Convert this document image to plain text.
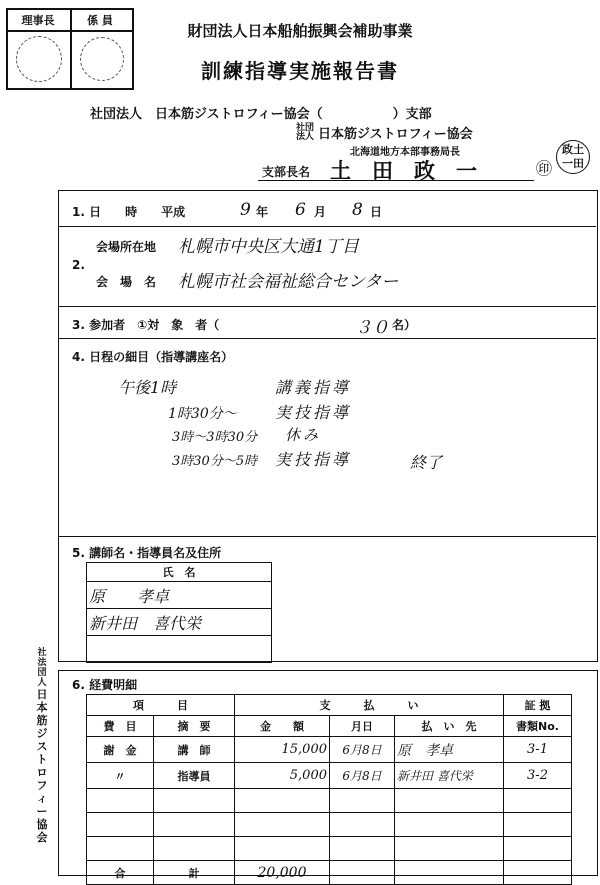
理事長	係 員
財団法人日本船舶振興会補助事業
訓練指導実施報告書
社団法人　日本筋ジストロフィー協会（	）支部
社団
法人 日本筋ジストロフィー協会
北海道地方本部事務局長
支部長名 土　田　政　一	㊞
政土一田
1. 日　　時　　平成	9 年 6 月 8 日
2.
会場所在地 札幌市中央区大通1丁目
会　場　名 札幌市社会福祉総合センター
3. 参加者　①対　象　者（	３０ 名）
4. 日程の細目（指導講座名）
午後1時	講義指導
1時30分〜 実技指導
3時〜3時30分 休み
3時30分〜5時 実技指導	終了
5. 講師名・指導員名及住所
氏　名
原　　孝卓
新井田　喜代栄

6. 経費明細
項　　　目		支　　　払　　　い			証 拠
費　目	摘　要	金　　額	月日	払　い　先	書類No.
謝　金	講　師	15,000	6月8日	原　孝卓	3-1
〃	指導員	5,000	6月8日	新井田 喜代栄	3-2

合	計	20,000			
社法
団人
日
本
筋
ジ
ス
ト
ロ
フ
ィ
ー
協
会
